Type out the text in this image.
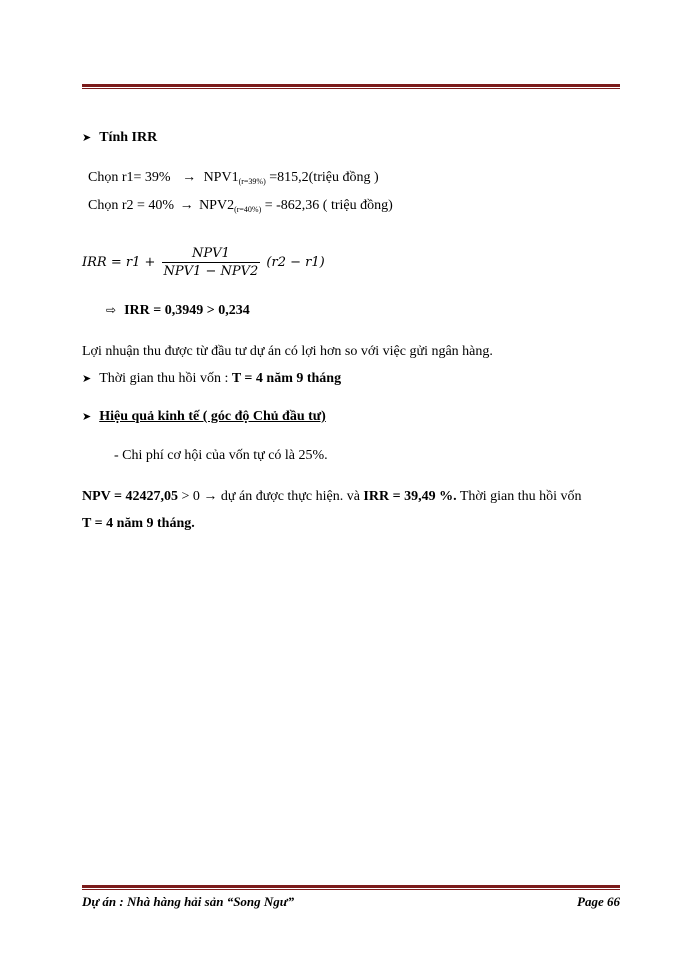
➤ Tính IRR
Chọn $r1= 39\% \to NPV1_{(r=39\%)}$ =815,2(triệu đồng )
Chọn $r2 = 40\% \to NPV2_{(r=40\%)} = -862,36$ ( triệu đồng)
IRR = $r1 + \frac{\text{NPV1}}{\text{NPV1 − NPV2}} (r2 - r1)$
⇨ IRR = 0,3949 > 0,234
Lợi nhuận thu được từ đầu tư dự án có lợi hơn so với việc gửi ngân hàng.
➤ Thời gian thu hồi vốn : T = 4 năm 9 tháng
➤ Hiệu quả kinh tế ( góc độ Chủ đầu tư)
- Chi phí cơ hội của vốn tự có là 25%.
NPV = 42427,05 > 0 → dự án được thực hiện. và IRR = 39,49 %. Thời gian thu hồi vốn
T = 4 năm 9 tháng.
Dự án : Nhà hàng hải sản “Song Ngư”	Page 66
